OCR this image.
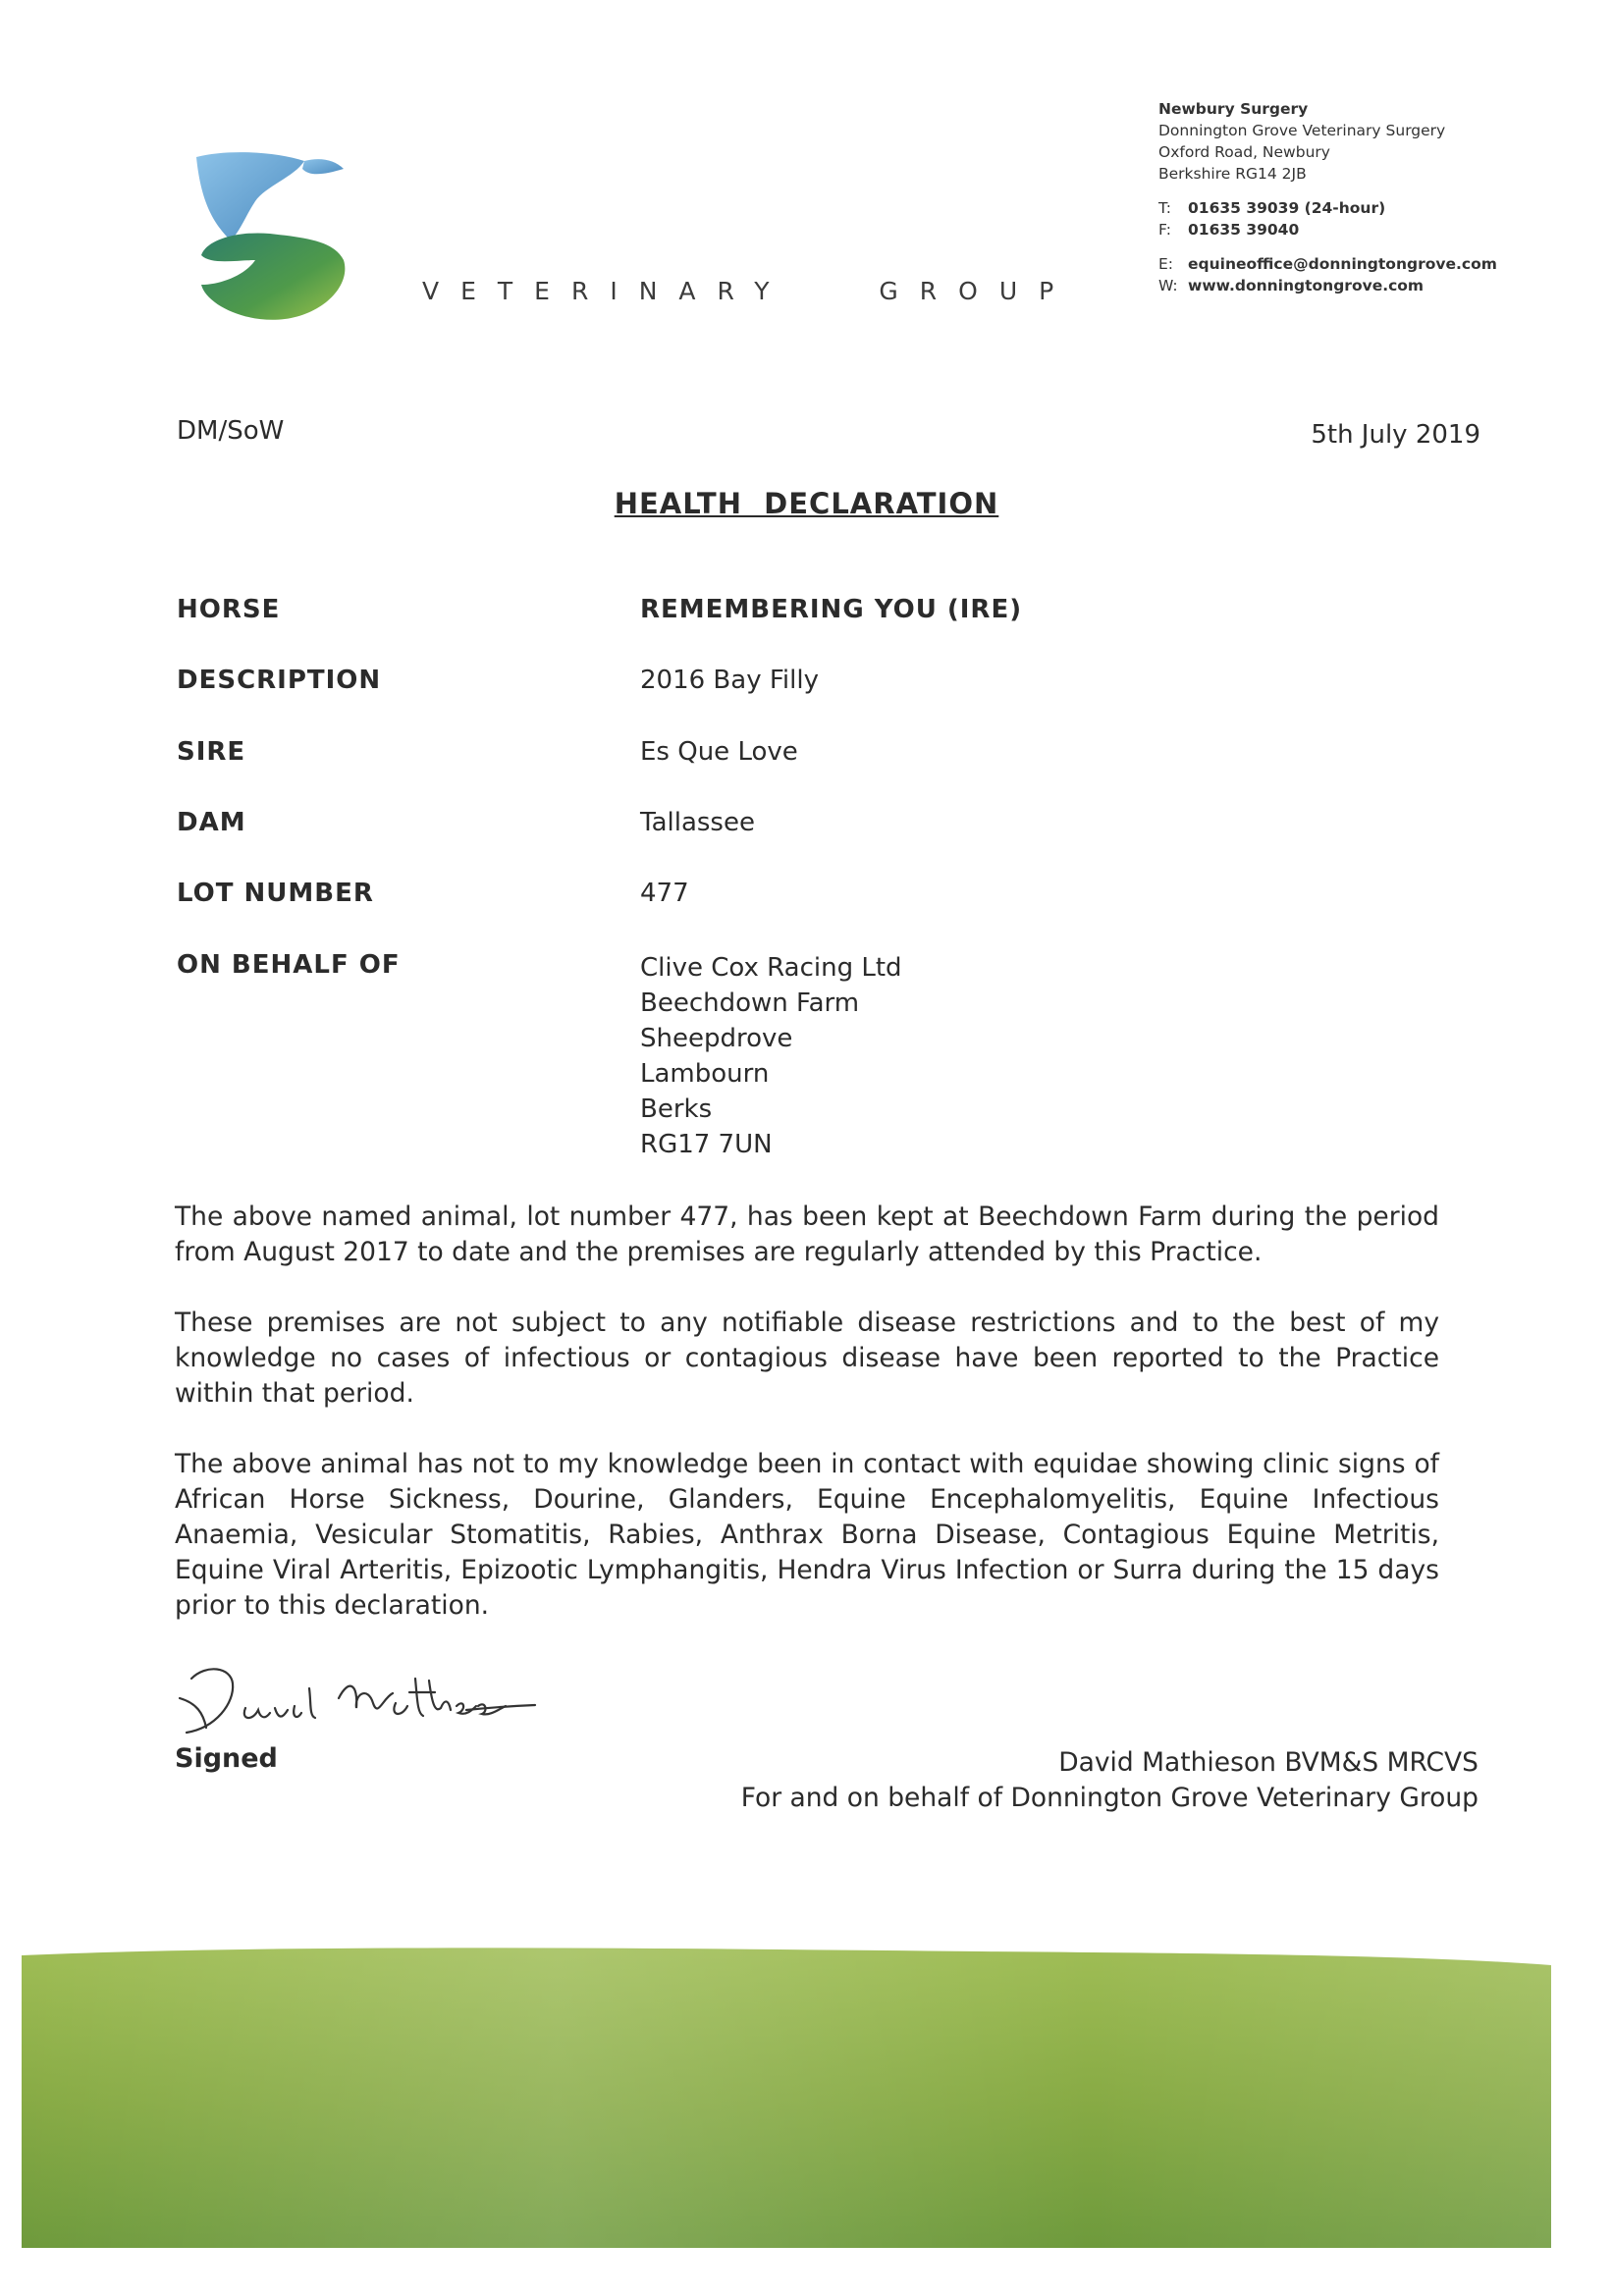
VETERINARY   GROUP
Newbury Surgery
Donnington Grove Veterinary Surgery
Oxford Road, Newbury
Berkshire RG14 2JB
T: 01635 39039 (24-hour)
F: 01635 39040
E: equineoffice@donningtongrove.com
W: www.donningtongrove.com
DM/SoW	5th July 2019
HEALTH  DECLARATION
HORSE	REMEMBERING YOU (IRE)
DESCRIPTION	2016 Bay Filly
SIRE	Es Que Love
DAM	Tallassee
LOT NUMBER	477
ON BEHALF OF	Clive Cox Racing Ltd
Beechdown Farm
Sheepdrove
Lambourn
Berks
RG17 7UN
The above named animal, lot number 477, has been kept at Beechdown Farm during the period from August 2017 to date and the premises are regularly attended by this Practice.
These premises are not subject to any notifiable disease restrictions and to the best of my knowledge no cases of infectious or contagious disease have been reported to the Practice within that period.
The above animal has not to my knowledge been in contact with equidae showing clinic signs of African Horse Sickness, Dourine, Glanders, Equine Encephalomyelitis, Equine Infectious Anaemia, Vesicular Stomatitis, Rabies, Anthrax Borna Disease, Contagious Equine Metritis, Equine Viral Arteritis, Epizootic Lymphangitis, Hendra Virus Infection or Surra during the 15 days prior to this declaration.
Signed	David Mathieson BVM&S MRCVS
For and on behalf of Donnington Grove Veterinary Group
